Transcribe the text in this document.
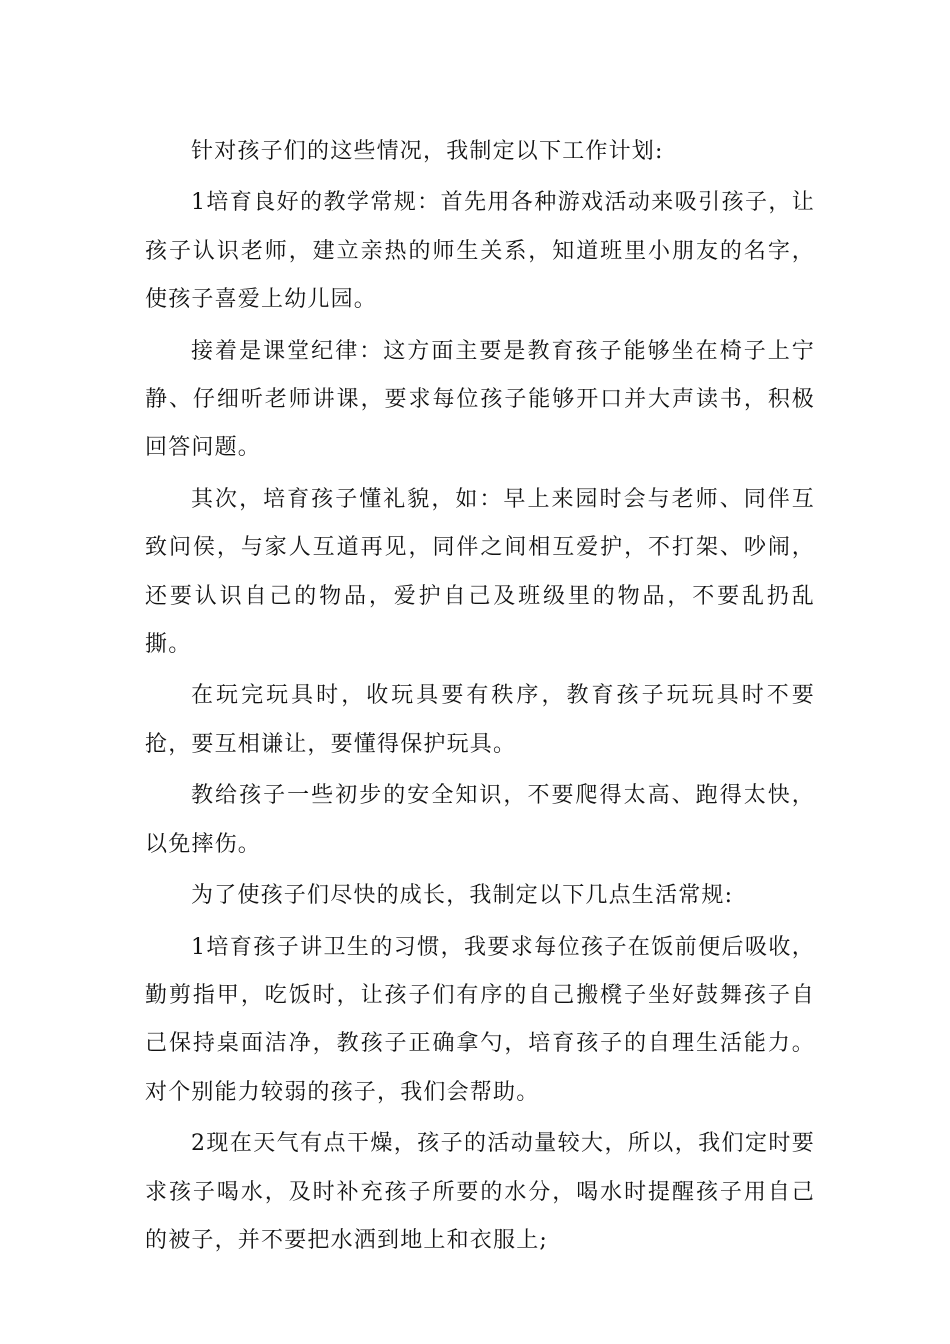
针对孩子们的这些情况，我制定以下工作计划:

1培育良好的教学常规：首先用各种游戏活动来吸引孩子，让孩子认识老师，建立亲热的师生关系，知道班里小朋友的名字，使孩子喜爱上幼儿园。

接着是课堂纪律：这方面主要是教育孩子能够坐在椅子上宁静、仔细听老师讲课，要求每位孩子能够开口并大声读书，积极回答问题。

其次，培育孩子懂礼貌，如：早上来园时会与老师、同伴互致问侯，与家人互道再见，同伴之间相互爱护，不打架、吵闹，还要认识自己的物品，爱护自己及班级里的物品，不要乱扔乱撕。

在玩完玩具时，收玩具要有秩序，教育孩子玩玩具时不要抢，要互相谦让，要懂得保护玩具。

教给孩子一些初步的安全知识，不要爬得太高、跑得太快，以免摔伤。

为了使孩子们尽快的成长，我制定以下几点生活常规:

1培育孩子讲卫生的习惯，我要求每位孩子在饭前便后吸收，勤剪指甲，吃饭时，让孩子们有序的自己搬櫈子坐好鼓舞孩子自己保持桌面洁净，教孩子正确拿勺，培育孩子的自理生活能力。对个别能力较弱的孩子，我们会帮助。

2现在天气有点干燥，孩子的活动量较大，所以，我们定时要求孩子喝水，及时补充孩子所要的水分，喝水时提醒孩子用自己的被子，并不要把水洒到地上和衣服上;
